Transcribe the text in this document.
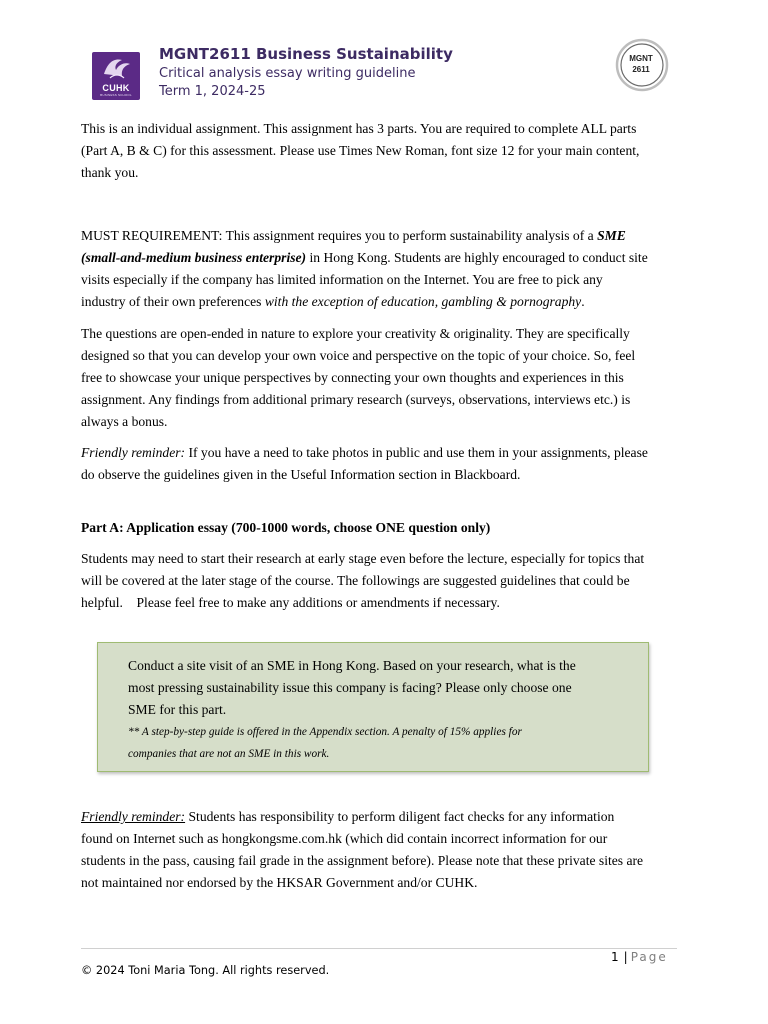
CUHK
BUSINESS SCHOOL
MGNT2611 Business Sustainability
Critical analysis essay writing guideline
Term 1, 2024-25
MGNT
2611
This is an individual assignment. This assignment has 3 parts. You are required to complete ALL parts
(Part A, B & C) for this assessment. Please use Times New Roman, font size 12 for your main content,
thank you.
MUST REQUIREMENT: This assignment requires you to perform sustainability analysis of a SME
(small-and-medium business enterprise) in Hong Kong. Students are highly encouraged to conduct site
visits especially if the company has limited information on the Internet. You are free to pick any
industry of their own preferences with the exception of education, gambling & pornography.
The questions are open-ended in nature to explore your creativity & originality. They are specifically
designed so that you can develop your own voice and perspective on the topic of your choice. So, feel
free to showcase your unique perspectives by connecting your own thoughts and experiences in this
assignment. Any findings from additional primary research (surveys, observations, interviews etc.) is
always a bonus.
Friendly reminder: If you have a need to take photos in public and use them in your assignments, please
do observe the guidelines given in the Useful Information section in Blackboard.
Part A: Application essay (700-1000 words, choose ONE question only)
Students may need to start their research at early stage even before the lecture, especially for topics that
will be covered at the later stage of the course. The followings are suggested guidelines that could be
helpful.    Please feel free to make any additions or amendments if necessary.
Conduct a site visit of an SME in Hong Kong. Based on your research, what is the
most pressing sustainability issue this company is facing? Please only choose one
SME for this part.
** A step-by-step guide is offered in the Appendix section. A penalty of 15% applies for
companies that are not an SME in this work.
Friendly reminder: Students has responsibility to perform diligent fact checks for any information
found on Internet such as hongkongsme.com.hk (which did contain incorrect information for our
students in the pass, causing fail grade in the assignment before). Please note that these private sites are
not maintained nor endorsed by the HKSAR Government and/or CUHK.
1 | Page
© 2024 Toni Maria Tong. All rights reserved.
